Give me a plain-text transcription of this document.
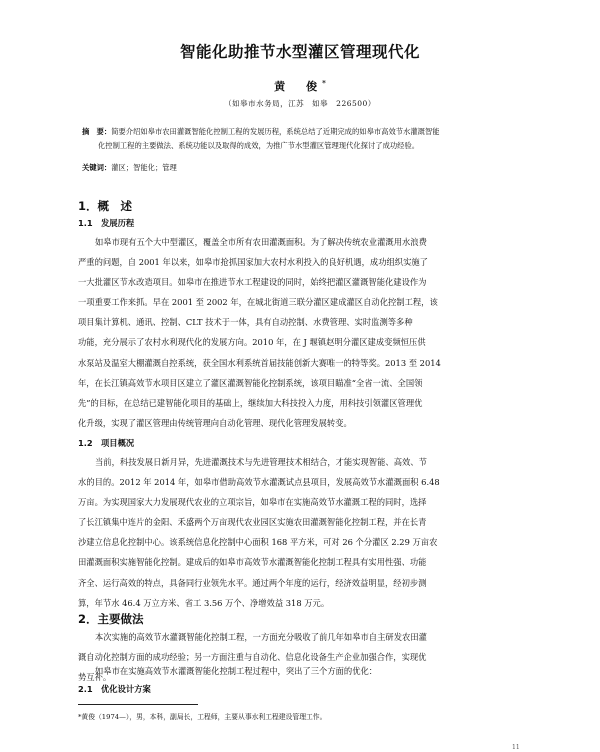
智能化助推节水型灌区管理现代化
黄　俊*
（如皋市水务局，江苏　如皋　226500）
摘　要：简要介绍如皋市农田灌溉智能化控制工程的发展历程，系统总结了近期完成的如皋市高效节水灌溉智能
化控制工程的主要做法、系统功能以及取得的成效，为推广节水型灌区管理现代化探讨了成功经验。
关键词：灌区；智能化；管理
1．概　述
1.1　发展历程
如皋市现有五个大中型灌区，覆盖全市所有农田灌溉面积。为了解决传统农业灌溉用水浪费
严重的问题，自 2001 年以来，如皋市抢抓国家加大农村水利投入的良好机遇，成功组织实施了
一大批灌区节水改造项目。如皋市在推进节水工程建设的同时，始终把灌区灌溉智能化建设作为
一项重要工作来抓。早在 2001 至 2002 年，在城北街道三联分灌区建成灌区自动化控制工程，该
项目集计算机、通讯、控制、CLT 技术于一体，具有自动控制、水费管理、实时监测等多种
功能，充分展示了农村水利现代化的发展方向。2010 年，在 J 堰镇赵明分灌区建成变频恒压供
水泵站及温室大棚灌溉自控系统，获全国水利系统首届技能创新大赛唯一的特等奖。2013 至 2014
年，在长江镇高效节水项目区建立了灌区灌溉智能化控制系统，该项目瞄准“全省一流、全国领
先”的目标，在总结已建智能化项目的基础上，继续加大科技投入力度，用科技引领灌区管理优
化升级，实现了灌区管理由传统管理向自动化管理、现代化管理发展转变。
1.2　项目概况
当前，科技发展日新月异，先进灌溉技术与先进管理技术相结合，才能实现智能、高效、节
水的目的。2012 年 2014 年，如皋市借助高效节水灌溉试点县项目，发展高效节水灌溉面积 6.48
万亩。为实现国家大力发展现代农业的立项宗旨，如皋市在实施高效节水灌溉工程的同时，选择
了长江镇集中连片的金阳、禾盛两个万亩现代农业园区实施农田灌溉智能化控制工程，并在长青
沙建立信息化控制中心。该系统信息化控制中心面积 168 平方米，可对 26 个分灌区 2.29 万亩农
田灌溉面积实施智能化控制。建成后的如皋市高效节水灌溉智能化控制工程具有实用性强、功能
齐全、运行高效的特点，具备同行业领先水平。通过两个年度的运行，经济效益明显，经初步测
算，年节水 46.4 万立方米、省工 3.56 万个、净增效益 318 万元。
2．主要做法
本次实施的高效节水灌溉智能化控制工程，一方面充分吸收了前几年如皋市自主研发农田灌
溉自动化控制方面的成功经验；另一方面注重与自动化、信息化设备生产企业加强合作，实现优
势互补。
如皋市在实施高效节水灌溉智能化控制工程过程中，突出了三个方面的优化：
2.1　优化设计方案
*黄俊（1974—），男，本科，副局长，工程师，主要从事水利工程建设管理工作。
11
